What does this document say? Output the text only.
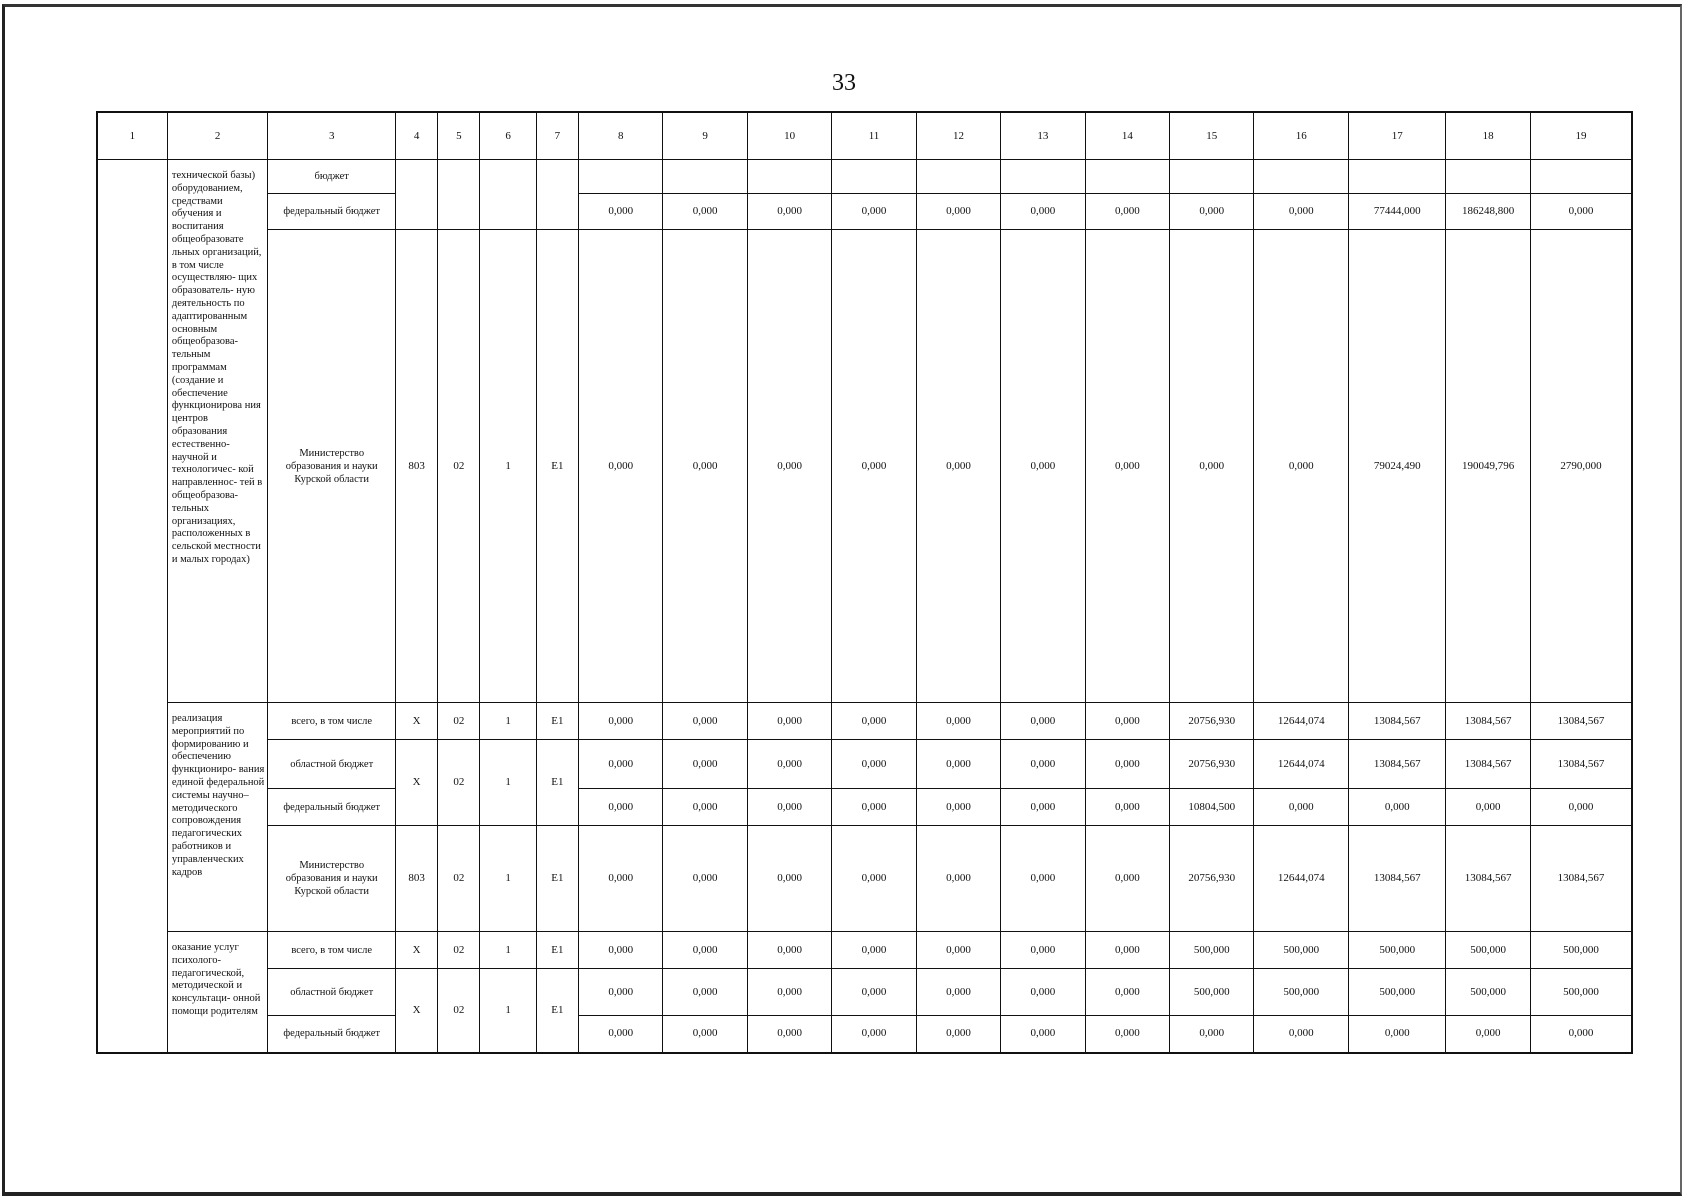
33
1	2	3	4	5	6	7	8	9	10	11	12	13	14	15	16	17	18	19
	технической базы) оборудованием, средствами обучения и воспитания общеобразовате льных организаций, в том числе осуществляю- щих образователь- ную деятельность по адаптированным основным общеобразова- тельным программам (создание и обеспечение функционирова ния центров образования естественно- научной и технологичес- кой направленнос- тей в общеобразова- тельных организациях, расположенных в сельской местности и малых городах)	бюджет																
		федеральный бюджет					0,000	0,000	0,000	0,000	0,000	0,000	0,000	0,000	0,000	77444,000	186248,800	0,000
		Министерство образования и науки Курской области	803	02	1	Е1	0,000	0,000	0,000	0,000	0,000	0,000	0,000	0,000	0,000	79024,490	190049,796	2790,000
	реализация мероприятий по формированию и обеспечению функциониро- вания единой федеральной системы научно– методического сопровождения педагогических работников и управленческих кадров	всего, в том числе	Х	02	1	Е1	0,000	0,000	0,000	0,000	0,000	0,000	0,000	20756,930	12644,074	13084,567	13084,567	13084,567
		областной бюджет	Х	02	1	Е1	0,000	0,000	0,000	0,000	0,000	0,000	0,000	20756,930	12644,074	13084,567	13084,567	13084,567
		федеральный бюджет					0,000	0,000	0,000	0,000	0,000	0,000	0,000	10804,500	0,000	0,000	0,000	0,000
		Министерство образования и науки Курской области	803	02	1	Е1	0,000	0,000	0,000	0,000	0,000	0,000	0,000	20756,930	12644,074	13084,567	13084,567	13084,567
	оказание услуг психолого- педагогической, методической и консультаци- онной помощи родителям	всего, в том числе	Х	02	1	Е1	0,000	0,000	0,000	0,000	0,000	0,000	0,000	500,000	500,000	500,000	500,000	500,000
		областной бюджет	Х	02	1	Е1	0,000	0,000	0,000	0,000	0,000	0,000	0,000	500,000	500,000	500,000	500,000	500,000
		федеральный бюджет					0,000	0,000	0,000	0,000	0,000	0,000	0,000	0,000	0,000	0,000	0,000	0,000
